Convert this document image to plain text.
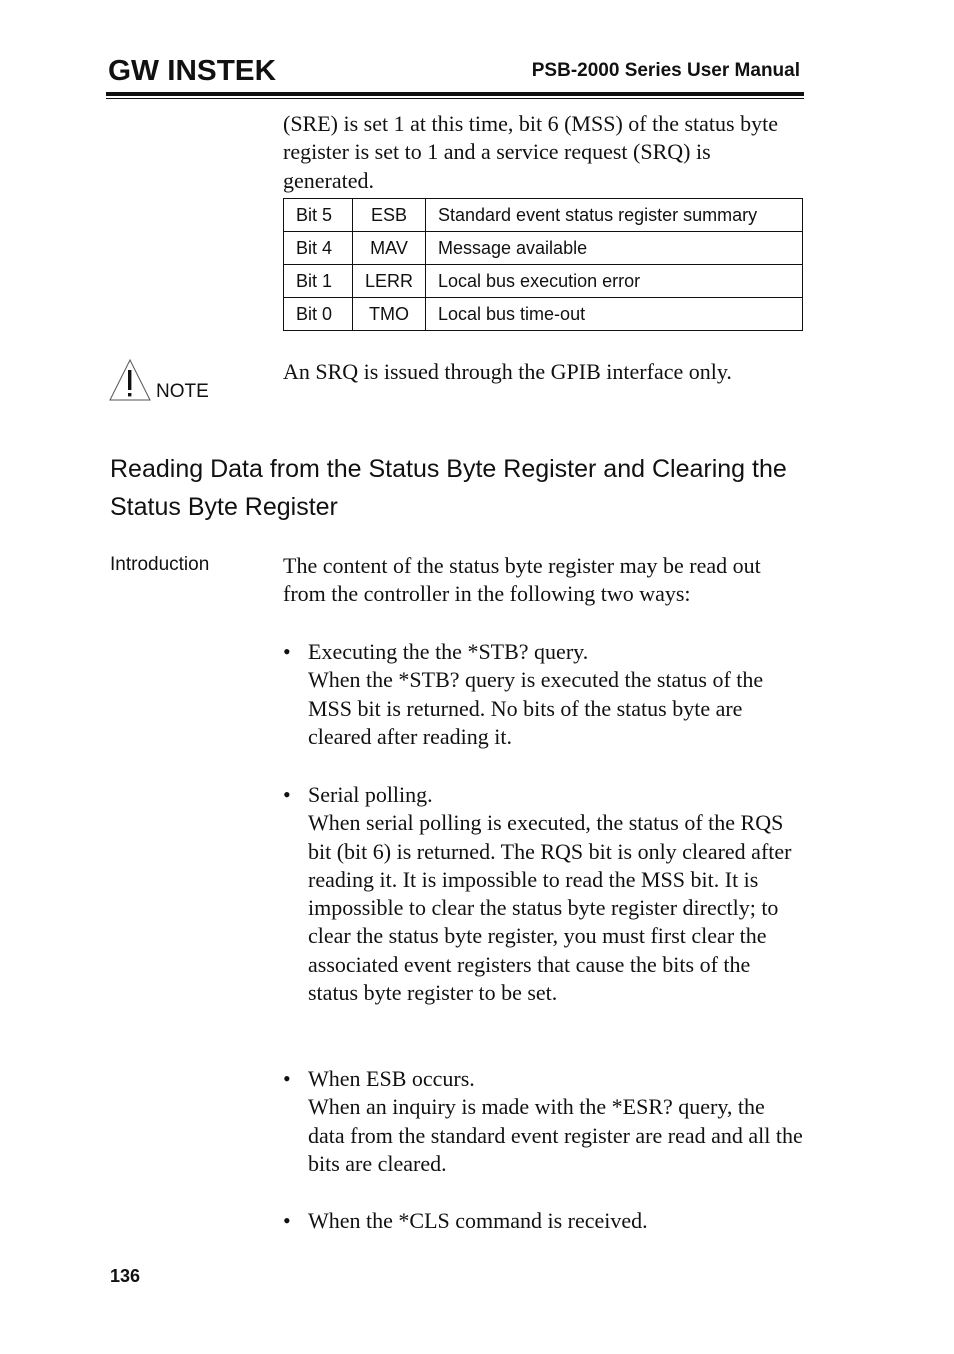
GW INSTEK	PSB-2000 Series User Manual
(SRE) is set 1 at this time, bit 6 (MSS) of the status byte register is set to 1 and a service request (SRQ) is generated.
Bit 5	ESB	Standard event status register summary
Bit 4	MAV	Message available
Bit 1	LERR	Local bus execution error
Bit 0	TMO	Local bus time-out
NOTE
An SRQ is issued through the GPIB interface only.
Reading Data from the Status Byte Register and Clearing the Status Byte Register
Introduction	The content of the status byte register may be read out from the controller in the following two ways:
• Executing the the *STB? query.
When the *STB? query is executed the status of the MSS bit is returned. No bits of the status byte are cleared after reading it.
• Serial polling.
When serial polling is executed, the status of the RQS bit (bit 6) is returned. The RQS bit is only cleared after reading it. It is impossible to read the MSS bit. It is impossible to clear the status byte register directly; to clear the status byte register, you must first clear the associated event registers that cause the bits of the status byte register to be set.
• When ESB occurs.
When an inquiry is made with the *ESR? query, the data from the standard event register are read and all the bits are cleared.
• When the *CLS command is received.
136
